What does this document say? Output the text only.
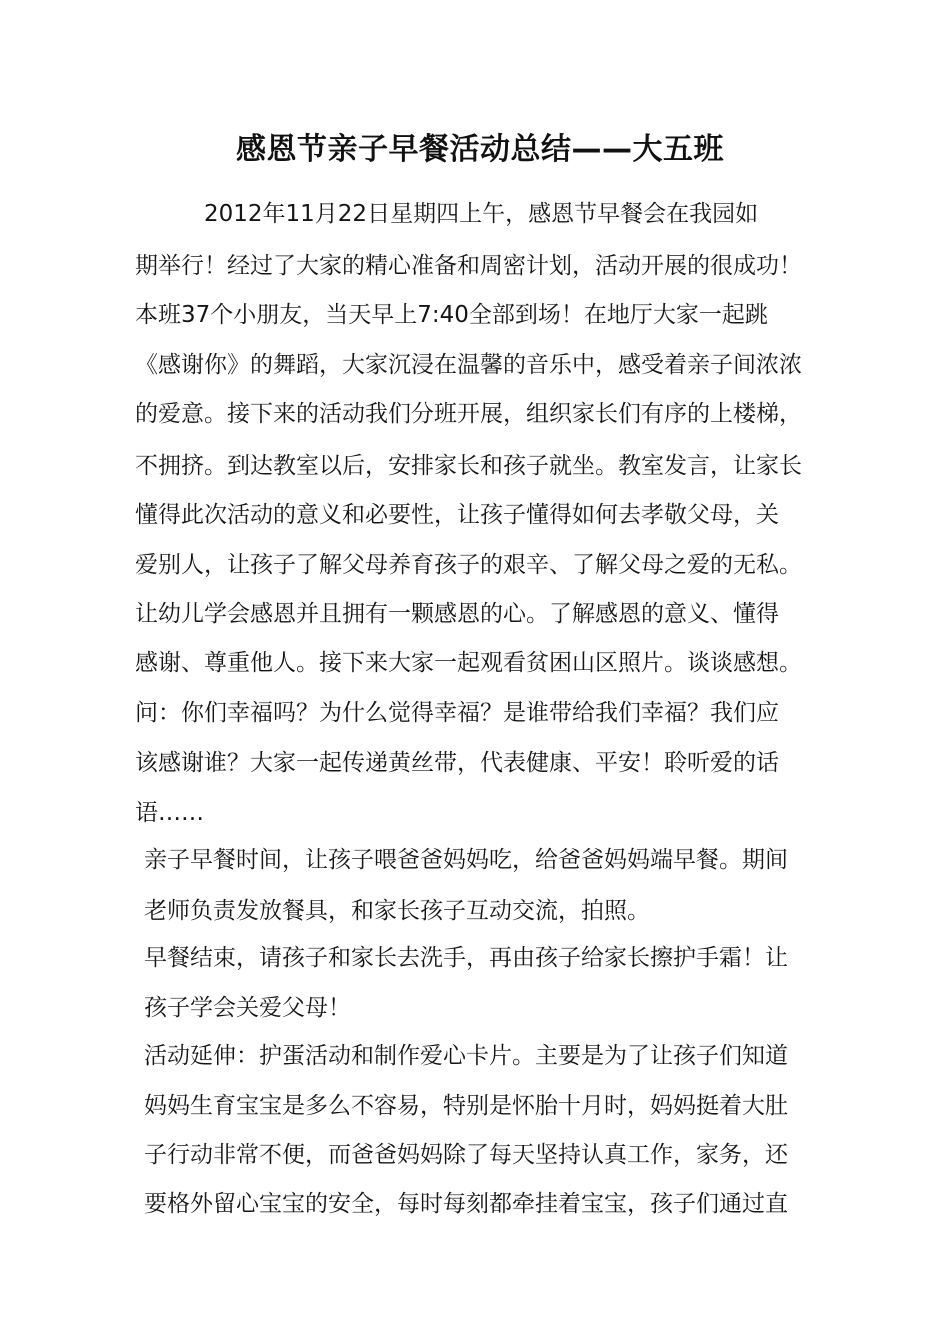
感恩节亲子早餐活动总结——大五班
　　　2012年11月22日星期四上午，感恩节早餐会在我园如
期举行！经过了大家的精心准备和周密计划，活动开展的很成功！
本班37个小朋友，当天早上7:40全部到场！在地厅大家一起跳
《感谢你》的舞蹈，大家沉浸在温馨的音乐中，感受着亲子间浓浓
的爱意。接下来的活动我们分班开展，组织家长们有序的上楼梯，
不拥挤。到达教室以后，安排家长和孩子就坐。教室发言，让家长
懂得此次活动的意义和必要性，让孩子懂得如何去孝敬父母，关
爱别人，让孩子了解父母养育孩子的艰辛、了解父母之爱的无私。
让幼儿学会感恩并且拥有一颗感恩的心。了解感恩的意义、懂得
感谢、尊重他人。接下来大家一起观看贫困山区照片。谈谈感想。
问：你们幸福吗？为什么觉得幸福？是谁带给我们幸福？我们应
该感谢谁？大家一起传递黄丝带，代表健康、平安！聆听爱的话
语……
亲子早餐时间，让孩子喂爸爸妈妈吃，给爸爸妈妈端早餐。期间
老师负责发放餐具，和家长孩子互动交流，拍照。
早餐结束，请孩子和家长去洗手，再由孩子给家长擦护手霜！让
孩子学会关爱父母！
活动延伸：护蛋活动和制作爱心卡片。主要是为了让孩子们知道
妈妈生育宝宝是多么不容易，特别是怀胎十月时，妈妈挺着大肚
子行动非常不便，而爸爸妈妈除了每天坚持认真工作，家务，还
要格外留心宝宝的安全，每时每刻都牵挂着宝宝，孩子们通过直
